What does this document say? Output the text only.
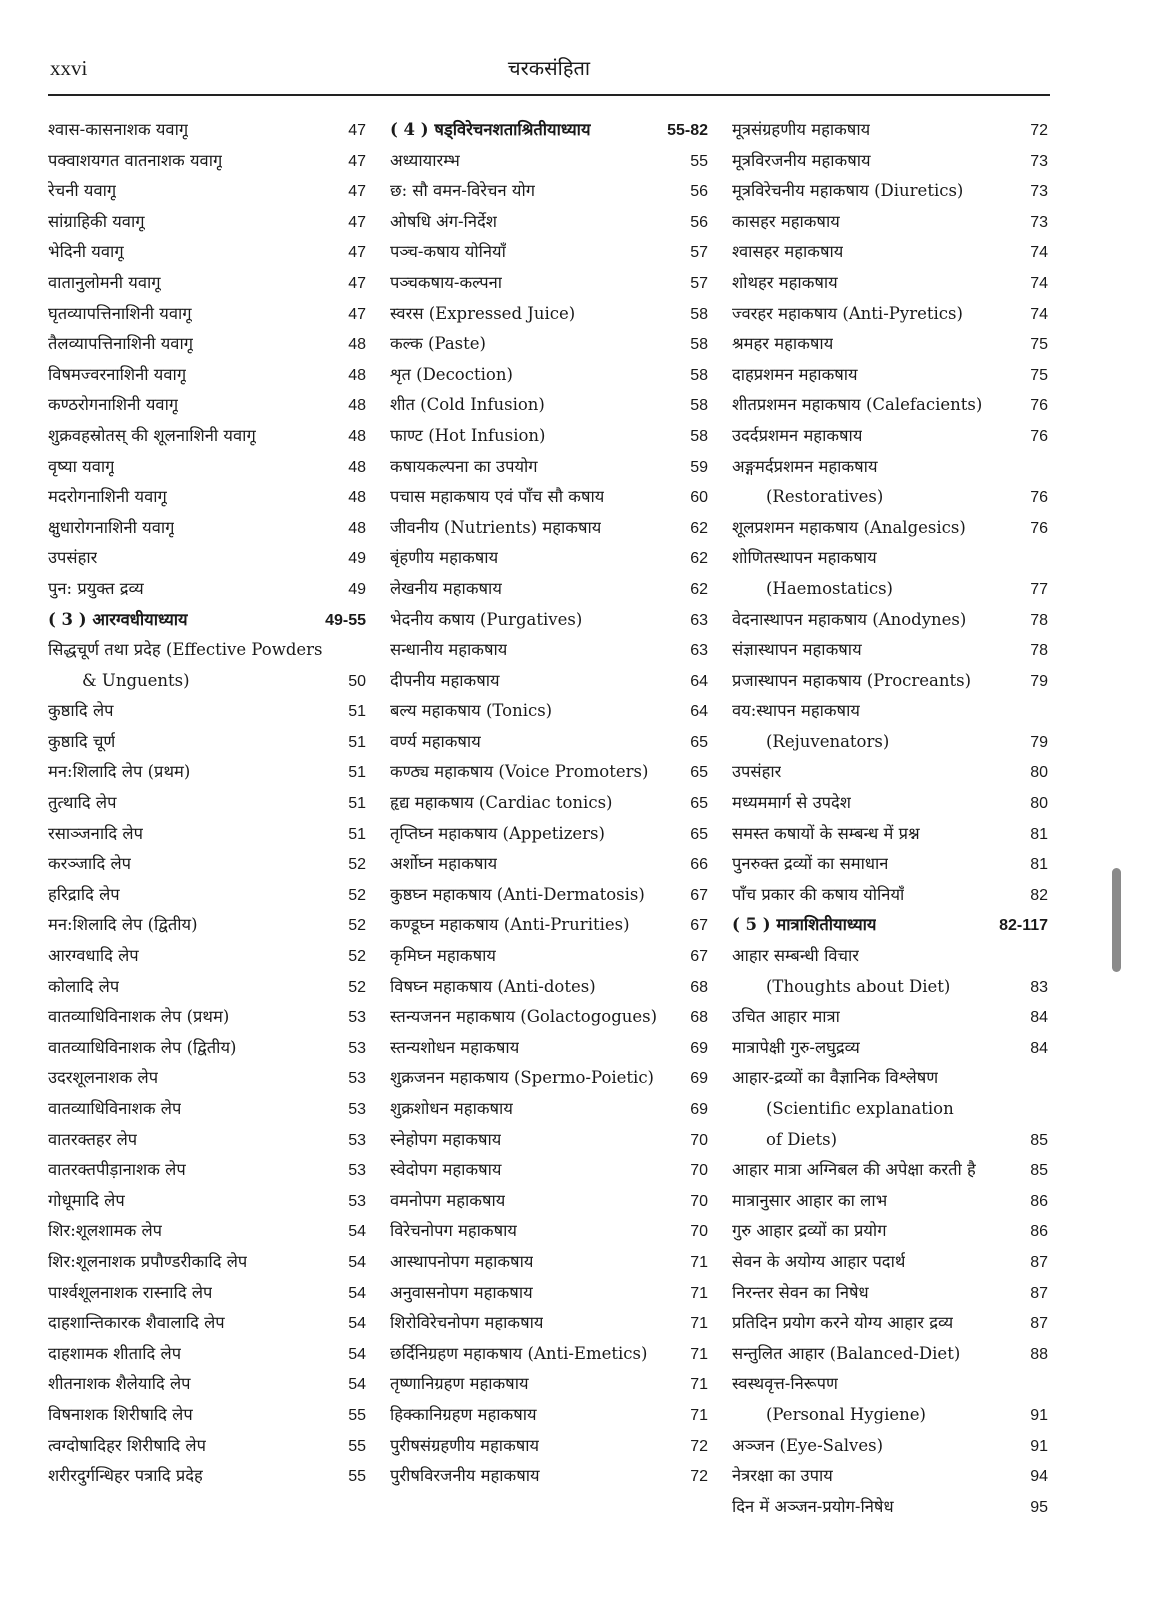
xxvi	चरकसंहिता
श्वास-कासनाशक यवागू	47
पक्वाशयगत वातनाशक यवागू	47
रेचनी यवागू	47
सांग्राहिकी यवागू	47
भेदिनी यवागू	47
वातानुलोमनी यवागू	47
घृतव्यापत्तिनाशिनी यवागू	47
तैलव्यापत्तिनाशिनी यवागू	48
विषमज्वरनाशिनी यवागू	48
कण्ठरोगनाशिनी यवागू	48
शुक्रवहस्रोतस् की शूलनाशिनी यवागू	48
वृष्या यवागू	48
मदरोगनाशिनी यवागू	48
क्षुधारोगनाशिनी यवागू	48
उपसंहार	49
पुन: प्रयुक्त द्रव्य	49
( 3 ) आरग्वधीयाध्याय	49-55
सिद्धचूर्ण तथा प्रदेह (Effective Powders
& Unguents)	50
कुष्ठादि लेप	51
कुष्ठादि चूर्ण	51
मन:शिलादि लेप (प्रथम)	51
तुत्थादि लेप	51
रसाञ्जनादि लेप	51
करञ्जादि लेप	52
हरिद्रादि लेप	52
मन:शिलादि लेप (द्वितीय)	52
आरग्वधादि लेप	52
कोलादि लेप	52
वातव्याधिविनाशक लेप (प्रथम)	53
वातव्याधिविनाशक लेप (द्वितीय)	53
उदरशूलनाशक लेप	53
वातव्याधिविनाशक लेप	53
वातरक्तहर लेप	53
वातरक्तपीड़ानाशक लेप	53
गोधूमादि लेप	53
शिर:शूलशामक लेप	54
शिर:शूलनाशक प्रपौण्डरीकादि लेप	54
पार्श्वशूलनाशक रास्नादि लेप	54
दाहशान्तिकारक शैवालादि लेप	54
दाहशामक शीतादि लेप	54
शीतनाशक शैलेयादि लेप	54
विषनाशक शिरीषादि लेप	55
त्वग्दोषादिहर शिरीषादि लेप	55
शरीरदुर्गन्धिहर पत्रादि प्रदेह	55
( 4 ) षड्विरेचनशताश्रितीयाध्याय	55-82
अध्यायारम्भ	55
छ: सौ वमन-विरेचन योग	56
ओषधि अंग-निर्देश	56
पञ्च-कषाय योनियाँ	57
पञ्चकषाय-कल्पना	57
स्वरस (Expressed Juice)	58
कल्क (Paste)	58
शृत (Decoction)	58
शीत (Cold Infusion)	58
फाण्ट (Hot Infusion)	58
कषायकल्पना का उपयोग	59
पचास महाकषाय एवं पाँच सौ कषाय	60
जीवनीय (Nutrients) महाकषाय	62
बृंहणीय महाकषाय	62
लेखनीय महाकषाय	62
भेदनीय कषाय (Purgatives)	63
सन्धानीय महाकषाय	63
दीपनीय महाकषाय	64
बल्य महाकषाय (Tonics)	64
वर्ण्य महाकषाय	65
कण्ठ्य महाकषाय (Voice Promoters)	65
हृद्य महाकषाय (Cardiac tonics)	65
तृप्तिघ्न महाकषाय (Appetizers)	65
अर्शोघ्न महाकषाय	66
कुष्ठघ्न महाकषाय (Anti-Dermatosis)	67
कण्डूघ्न महाकषाय (Anti-Prurities)	67
कृमिघ्न महाकषाय	67
विषघ्न महाकषाय (Anti-dotes)	68
स्तन्यजनन महाकषाय (Golactogogues) 68
स्तन्यशोधन महाकषाय	69
शुक्रजनन महाकषाय (Spermo-Poietic) 69
शुक्रशोधन महाकषाय	69
स्नेहोपग महाकषाय	70
स्वेदोपग महाकषाय	70
वमनोपग महाकषाय	70
विरेचनोपग महाकषाय	70
आस्थापनोपग महाकषाय	71
अनुवासनोपग महाकषाय	71
शिरोविरेचनोपग महाकषाय	71
छर्दिनिग्रहण महाकषाय (Anti-Emetics)	71
तृष्णानिग्रहण महाकषाय	71
हिक्कानिग्रहण महाकषाय	71
पुरीषसंग्रहणीय महाकषाय	72
पुरीषविरजनीय महाकषाय	72
मूत्रसंग्रहणीय महाकषाय	72
मूत्रविरजनीय महाकषाय	73
मूत्रविरेचनीय महाकषाय (Diuretics)	73
कासहर महाकषाय	73
श्वासहर महाकषाय	74
शोथहर महाकषाय	74
ज्वरहर महाकषाय (Anti-Pyretics)	74
श्रमहर महाकषाय	75
दाहप्रशमन महाकषाय	75
शीतप्रशमन महाकषाय (Calefacients)	76
उदर्दप्रशमन महाकषाय	76
अङ्गमर्दप्रशमन महाकषाय
(Restoratives)	76
शूलप्रशमन महाकषाय (Analgesics)	76
शोणितस्थापन महाकषाय
(Haemostatics)	77
वेदनास्थापन महाकषाय (Anodynes)	78
संज्ञास्थापन महाकषाय	78
प्रजास्थापन महाकषाय (Procreants)	79
वय:स्थापन महाकषाय
(Rejuvenators)	79
उपसंहार	80
मध्यममार्ग से उपदेश	80
समस्त कषायों के सम्बन्ध में प्रश्न	81
पुनरुक्त द्रव्यों का समाधान	81
पाँच प्रकार की कषाय योनियाँ	82
( 5 ) मात्राशितीयाध्याय	82-117
आहार सम्बन्धी विचार
(Thoughts about Diet)	83
उचित आहार मात्रा	84
मात्रापेक्षी गुरु-लघुद्रव्य	84
आहार-द्रव्यों का वैज्ञानिक विश्लेषण
(Scientific explanation
of Diets)	85
आहार मात्रा अग्निबल की अपेक्षा करती है	85
मात्रानुसार आहार का लाभ	86
गुरु आहार द्रव्यों का प्रयोग	86
सेवन के अयोग्य आहार पदार्थ	87
निरन्तर सेवन का निषेध	87
प्रतिदिन प्रयोग करने योग्य आहार द्रव्य	87
सन्तुलित आहार (Balanced-Diet)	88
स्वस्थवृत्त-निरूपण
(Personal Hygiene)	91
अञ्जन (Eye-Salves)	91
नेत्ररक्षा का उपाय	94
दिन में अञ्जन-प्रयोग-निषेध	95
